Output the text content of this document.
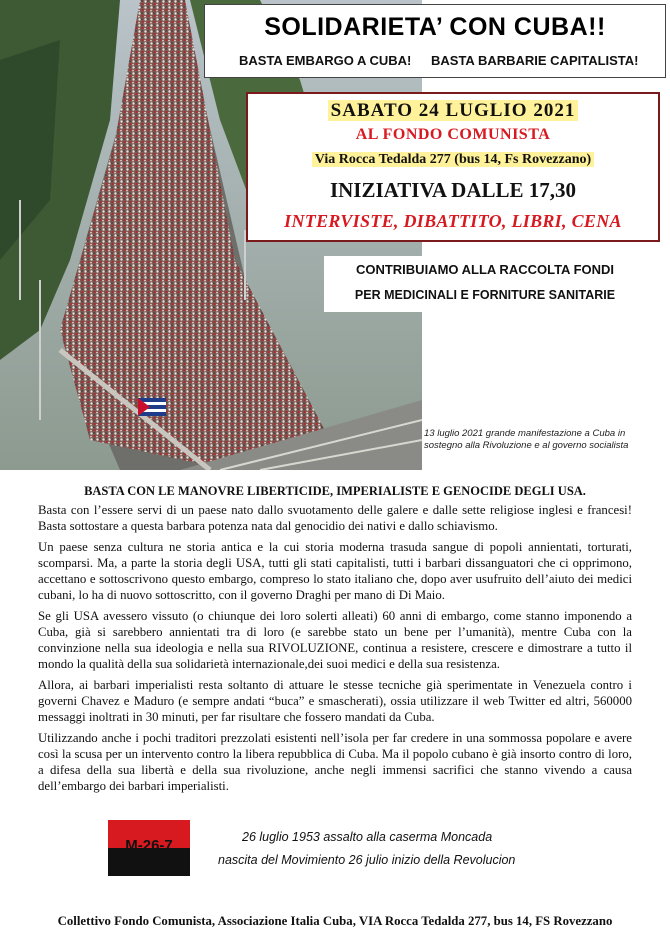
SOLIDARIETA’ CON CUBA!!
BASTA EMBARGO A CUBA! BASTA BARBARIE CAPITALISTA!
SABATO 24 LUGLIO 2021
AL FONDO COMUNISTA
Via Rocca Tedalda 277 (bus 14, Fs Rovezzano)
INIZIATIVA DALLE 17,30
INTERVISTE, DIBATTITO, LIBRI, CENA
CONTRIBUIAMO ALLA RACCOLTA FONDI
PER MEDICINALI E FORNITURE SANITARIE
13 luglio 2021 grande manifestazione a Cuba in sostegno alla Rivoluzione e al governo socialista
BASTA CON LE MANOVRE LIBERTICIDE, IMPERIALISTE E GENOCIDE DEGLI USA.

Basta con l’essere servi di un paese nato dallo svuotamento delle galere e dalle sette religiose inglesi e francesi! Basta sottostare a questa barbara potenza nata dal genocidio dei nativi e dallo schiavismo.

Un paese senza cultura ne storia antica e la cui storia moderna trasuda sangue di popoli annientati, torturati, scomparsi. Ma, a parte la storia degli USA, tutti gli stati capitalisti, tutti i barbari dissanguatori che ci opprimono, accettano e sottoscrivono questo embargo, compreso lo stato italiano che, dopo aver usufruito dell’aiuto dei medici cubani, lo ha di nuovo sottoscritto, con il governo Draghi per mano di Di Maio.

Se gli USA avessero vissuto (o chiunque dei loro solerti alleati) 60 anni di embargo, come stanno imponendo a Cuba, già si sarebbero annientati tra di loro (e sarebbe stato un bene per l’umanità), mentre Cuba con la convinzione nella sua ideologia e nella sua RIVOLUZIONE, continua a resistere, crescere e dimostrare a tutto il mondo la qualità della sua solidarietà internazionale,dei suoi medici e della sua resistenza.

Allora, ai barbari imperialisti resta soltanto di attuare le stesse tecniche già sperimentate in Venezuela contro i governi Chavez e Maduro (e sempre andati “buca” e smascherati), ossia utilizzare il web Twitter ed altri, 560000 messaggi inoltrati in 30 minuti, per far risultare che fossero mandati da Cuba.

Utilizzando anche i pochi traditori prezzolati esistenti nell’isola per far credere in una sommossa popolare e avere così la scusa per un intervento contro la libera repubblica di Cuba. Ma il popolo cubano è già insorto contro di loro, a difesa della sua libertà e della sua rivoluzione, anche negli immensi sacrifici che stanno vivendo a causa dell’embargo dei barbari imperialisti.

M-26-7	26 luglio 1953 assalto alla caserma Moncada
nascita del Movimiento 26 julio inizio della Revolucion
Collettivo Fondo Comunista, Associazione Italia Cuba, VIA Rocca Tedalda 277, bus 14, FS Rovezzano
